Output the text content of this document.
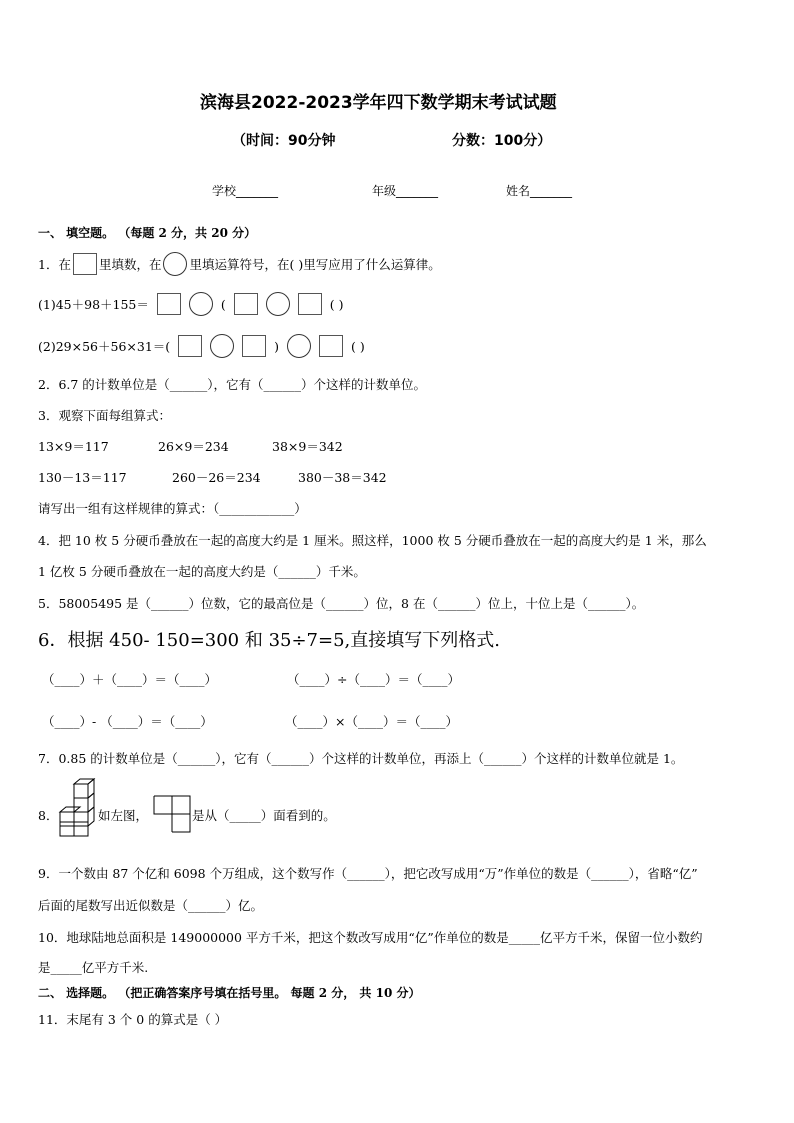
滨海县2022-2023学年四下数学期末考试试题
（时间：90分钟	分数：100分）
学校_______	年级_______	姓名_______
一、 填空题。 （每题 2 分，共 20 分）
1．在 里填数，在 里填运算符号，在( )里写应用了什么运算律。
(1)45＋98＋155＝	(	( )
(2)29×56＋56×31＝(	)	( )
2．6.7 的计数单位是（______），它有（______）个这样的计数单位。
3．观察下面每组算式：
13×9＝117	26×9＝234	38×9＝342
130－13＝117	260－26＝234	380－38＝342
请写出一组有这样规律的算式：（____________）
4．把 10 枚 5 分硬币叠放在一起的高度大约是 1 厘米。照这样，1000 枚 5 分硬币叠放在一起的高度大约是 1 米，那么
1 亿枚 5 分硬币叠放在一起的高度大约是（______）千米。
5．58005495 是（______）位数，它的最高位是（______）位，8 在（______）位上，十位上是（______）。
6．根据 450- 150=300 和 35÷7=5,直接填写下列格式.
（____）＋（____）＝（____）	（____）÷（____）＝（____）
（____）- （____）＝（____）	（____）×（____）＝（____）
7．0.85 的计数单位是（______），它有（______）个这样的计数单位，再添上（______）个这样的计数单位就是 1。
8．	如左图，	是从（_____）面看到的。
9．一个数由 87 个亿和 6098 个万组成，这个数写作（______），把它改写成用“万”作单位的数是（______），省略“亿”
后面的尾数写出近似数是（______）亿。
10．地球陆地总面积是 149000000 平方千米，把这个数改写成用“亿”作单位的数是_____亿平方千米，保留一位小数约
是_____亿平方千米.
二、 选择题。 （把正确答案序号填在括号里。 每题 2 分， 共 10 分）
11．末尾有 3 个 0 的算式是（ ）
